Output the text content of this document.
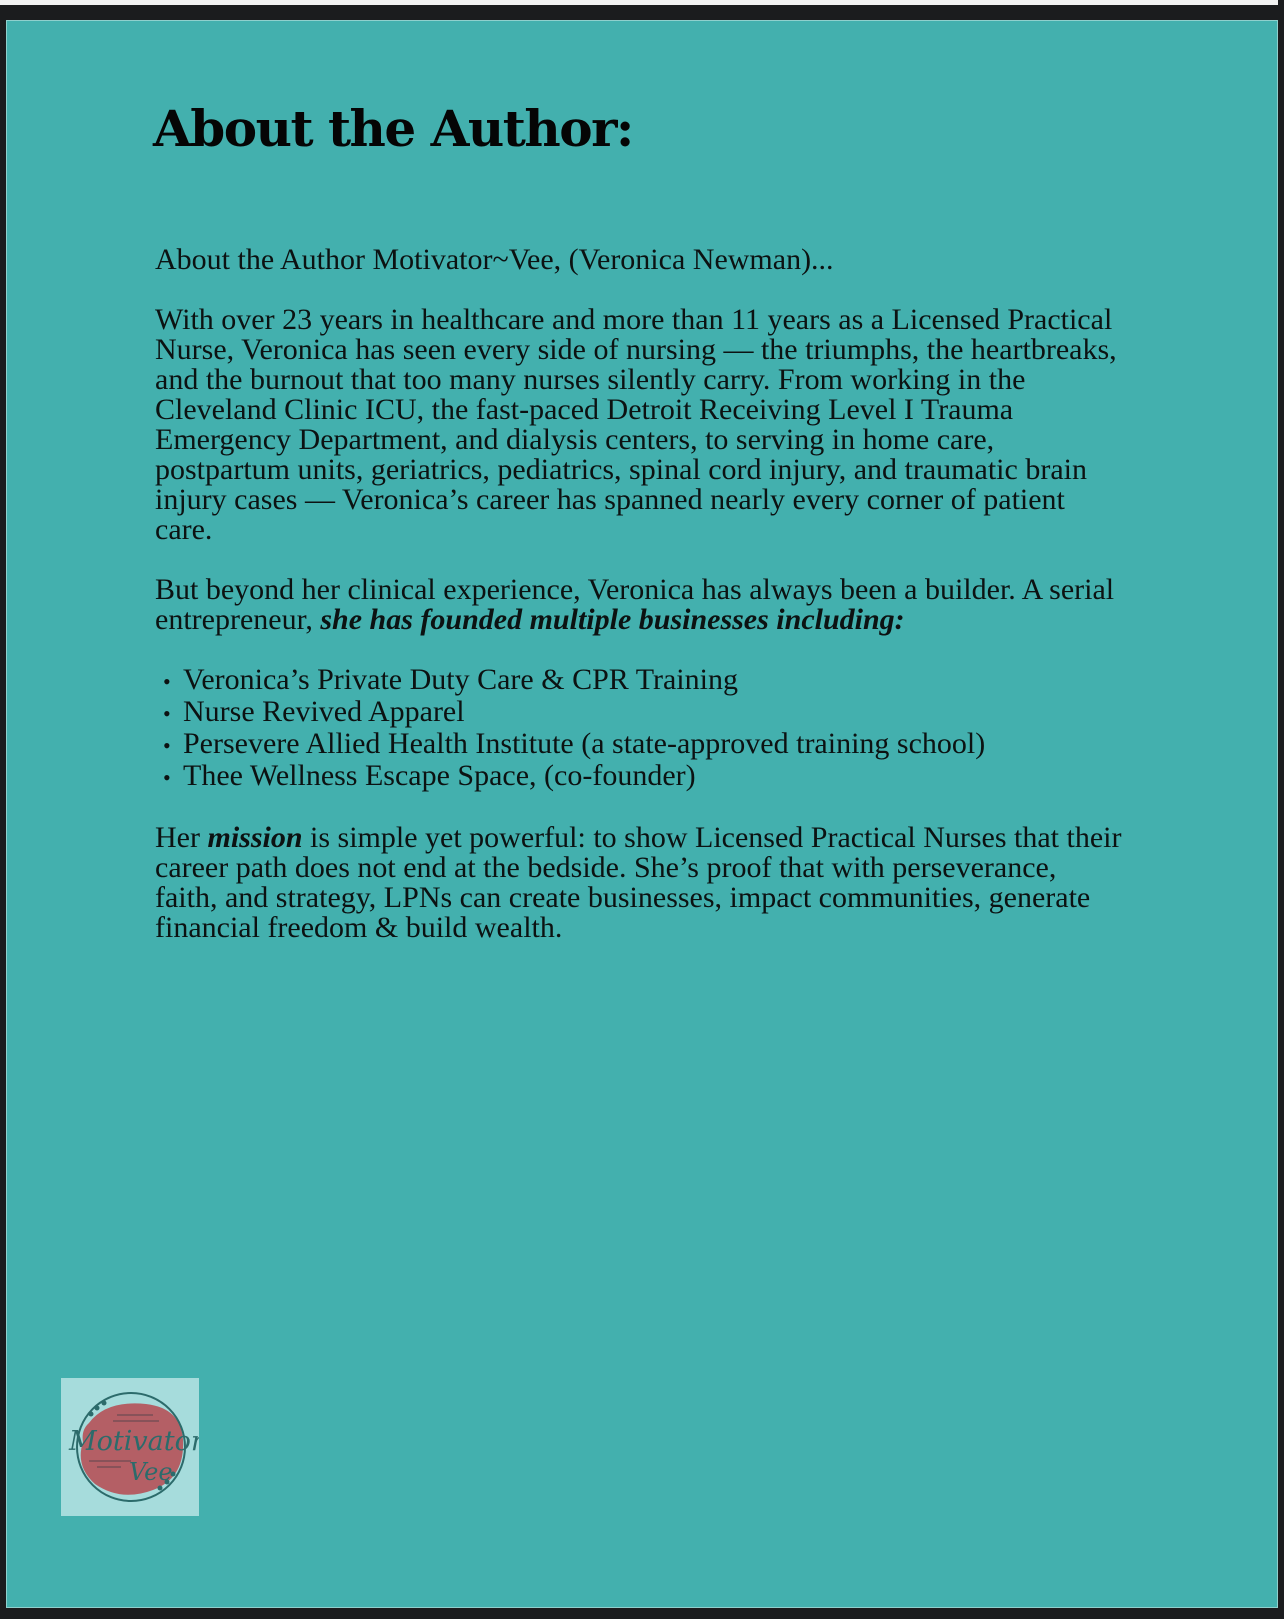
About the Author:

About the Author Motivator~Vee, (Veronica Newman)...

With over 23 years in healthcare and more than 11 years as a Licensed Practical Nurse, Veronica has seen every side of nursing — the triumphs, the heartbreaks, and the burnout that too many nurses silently carry. From working in the Cleveland Clinic ICU, the fast-paced Detroit Receiving Level I Trauma Emergency Department, and dialysis centers, to serving in home care, postpartum units, geriatrics, pediatrics, spinal cord injury, and traumatic brain injury cases — Veronica’s career has spanned nearly every corner of patient care.

But beyond her clinical experience, Veronica has always been a builder. A serial entrepreneur, she has founded multiple businesses including:

• Veronica’s Private Duty Care & CPR Training
• Nurse Revived Apparel
• Persevere Allied Health Institute (a state-approved training school)
• Thee Wellness Escape Space, (co-founder)

Her mission is simple yet powerful: to show Licensed Practical Nurses that their career path does not end at the bedside. She’s proof that with perseverance, faith, and strategy, LPNs can create businesses, impact communities, generate financial freedom & build wealth.

Motivator
Vee
